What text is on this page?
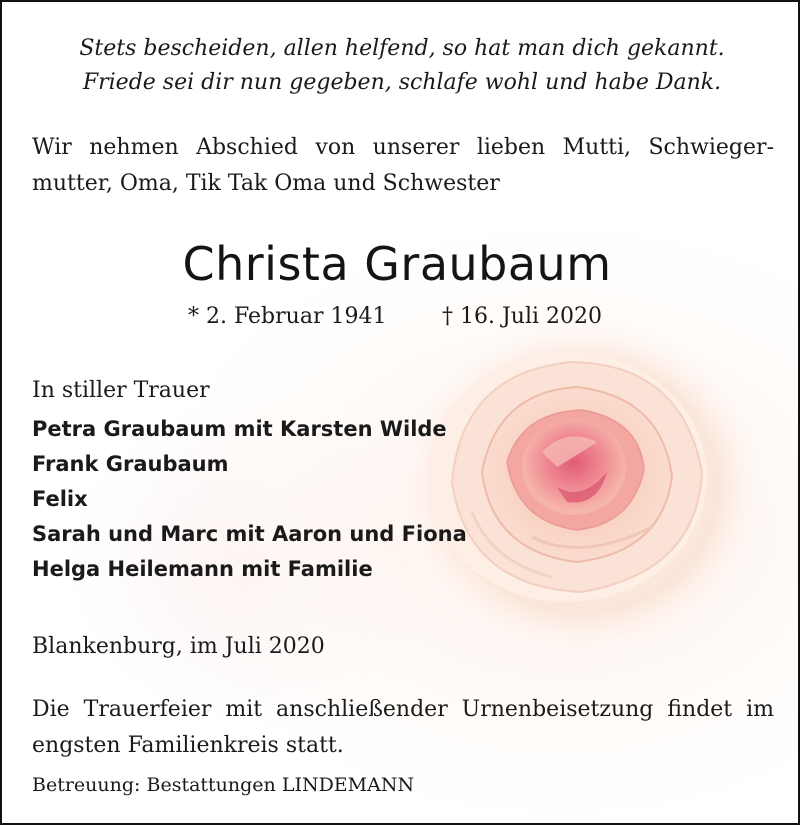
Stets bescheiden, allen helfend, so hat man dich gekannt.
Friede sei dir nun gegeben, schlafe wohl und habe Dank.
Wir nehmen Abschied von unserer lieben Mutti, Schwiegermutter, Oma, Tik Tak Oma und Schwester
Christa Graubaum
* 2. Februar 1941	† 16. Juli 2020
In stiller Trauer
Petra Graubaum mit Karsten Wilde
Frank Graubaum
Felix
Sarah und Marc mit Aaron und Fiona
Helga Heilemann mit Familie
Blankenburg, im Juli 2020
Die Trauerfeier mit anschließender Urnenbeisetzung findet im engsten Familienkreis statt.
Betreuung: Bestattungen LINDEMANN
